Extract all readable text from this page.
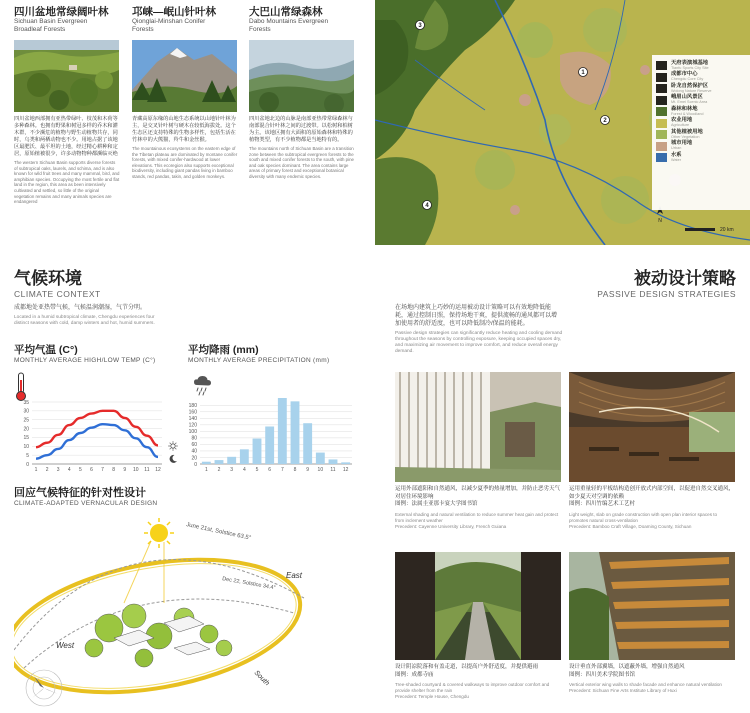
四川盆地常绿阔叶林
Sichuan Basin Evergreen
Broadleaf Forests
邛崃—岷山针叶林
Qionglai-Minshan Conifer
Forests
大巴山常绿森林
Dabo Mountains Evergreen
Forests
四川盆地西部拥有亚热带绿叶、枝茂和木荷等多种森林。也拥有野果和树冠多样的乔木和灌木群，不少濒危的植物与野生动植物共存，同时，乌类和两栖动物也不少。用地占据了该地区最肥沃、最平坦的土地，经过精心耕种和定居，原始植被很少，许多动物物种都濒临灭绝
The western Sichuan Basin supports diverse forests of subtropical oaks, laurels, and schima, and is also known for wild fruit trees and many mammal, bird, and amphibian species. Occupying the most fertile and flat land in the region, this area as been intensively cultivated and settled, so little of the original vegetation remains and many animals species are endangered
青藏高原东缘的山地生态系统以山地针叶林为主，是交叉针叶树与硬木在较低海拔处。这个生态区还支持特殊的生物多样性，包括生活在竹林中的大熊猫，羚牛和金丝猴。
The mountainous ecosystems on the eastern edge of the Tibetan plateau are dominated by montane conifer forests, with mixed conifer-hardwood at lower elevations. This ecoregion also supports exceptional biodiversity, including giant pandas living in bamboo stands, red pandas, takin, and golden monkeys.
四川盆地北边的山脉是南部亚热带常绿森林与南部混合针叶林之间的过渡带。以松树和柏树为主。该地区拥有大面积的原始森林和特殊的植物类型，有不少植物都是当地特有的。
The mountains north of Sichuan Basin are a transition zone between the subtropical evergreen forests to the south and mixed conifer forests to the south, with pine and oak species dominant. The area contains large areas of primary forest and exceptional botanical diversity with many endemic species.
3
1
2
4
N
20 km
天府表演城基地
Tianfu Sports City Site
成都市中心
Chengdu Core City
卧龙自然保护区
Wolong Nature Reserve
峨眉山风景区
Mt. Emei Scenic Area
森林和林地
Forest & Woodland
农业用地
Agriculture
其他植被用地
Other Vegetation
城市用地
Urban
水系
Water
气候环境
CLIMATE CONTEXT
成都地处亚热带气候，气候温润潮湿，气节分明。
Located in a humid subtropical climate, Chengdu experiences four
distinct seasons with cold, damp winters and hot, humid summers.
平均气温 (C°)
MONTHLY AVERAGE HIGH/LOW TEMP (C°)
平均降雨 (mm)
MONTHLY AVERAGE PRECIPITATION (mm)
0
5
10
15
20
25
30
35
1 2 3 4 5 6 7 8 9 10 11 12
0
20
40
60
80
100
120
140
160
180
1 2 3 4 5 6 7 8 9 10 11 12
回应气候特征的针对性设计
CLIMATE-ADAPTED VERNACULAR DESIGN
June 21st, Solstice 63.5°
Dec 22, Solstice 34.4°
East
West
South
被动设计策略
PASSIVE DESIGN STRATEGIES
在场地内建筑上巧妙的运用被动设计策略可以有效地降低能
耗，通过控制日照，保持场地干爽，提供流畅的通风都可以增
加使用者的舒适度，也可以降低制冷/保温的能耗。
Passive design strategies can significantly reduce heating and cooling demand throughout the seasons by controlling exposure, keeping occupied spaces dry, and maximizing air movement to improve comfort, and reduce overall energy demand.
运用外部遮阳和自然通风，以减少夏季的热量增加，并防止恶劣天气对居住环境影响
图例：法属圭亚那卡宴大学图书馆
External shading and natural ventilation to reduce summer heat gain and protect from inclement weather
Precedent: Cayenne University Library, French Guiana
运用重量轻的平板结构造创开放式内部空间，以促进自然交叉通风，如少夏天对空调的依赖
图例：四川竹编艺术工艺村
Light weight, slab on grade construction with open plan interior spaces to promotes natural cross-ventilation
Precedent: Bamboo Craft Village, Doaming County, Sichuan
设计阴凉院落和有盖走道，以提高户外舒适度，并提供避雨
图例：成都寺庙
Tree-shaded courtyard & covered walkways to improve outdoor comfort and provide shelter from the rain
Precedent: Temple House, Chengdu
设计垂直外部翼墙，以遮蔽外墙，增强自然通风
图例：四川美术学院图书馆
Vertical exterior wing walls to shade facade and enhance natural ventilation
Precedent: Sichuan Fine Arts Institute Library of Huxi
